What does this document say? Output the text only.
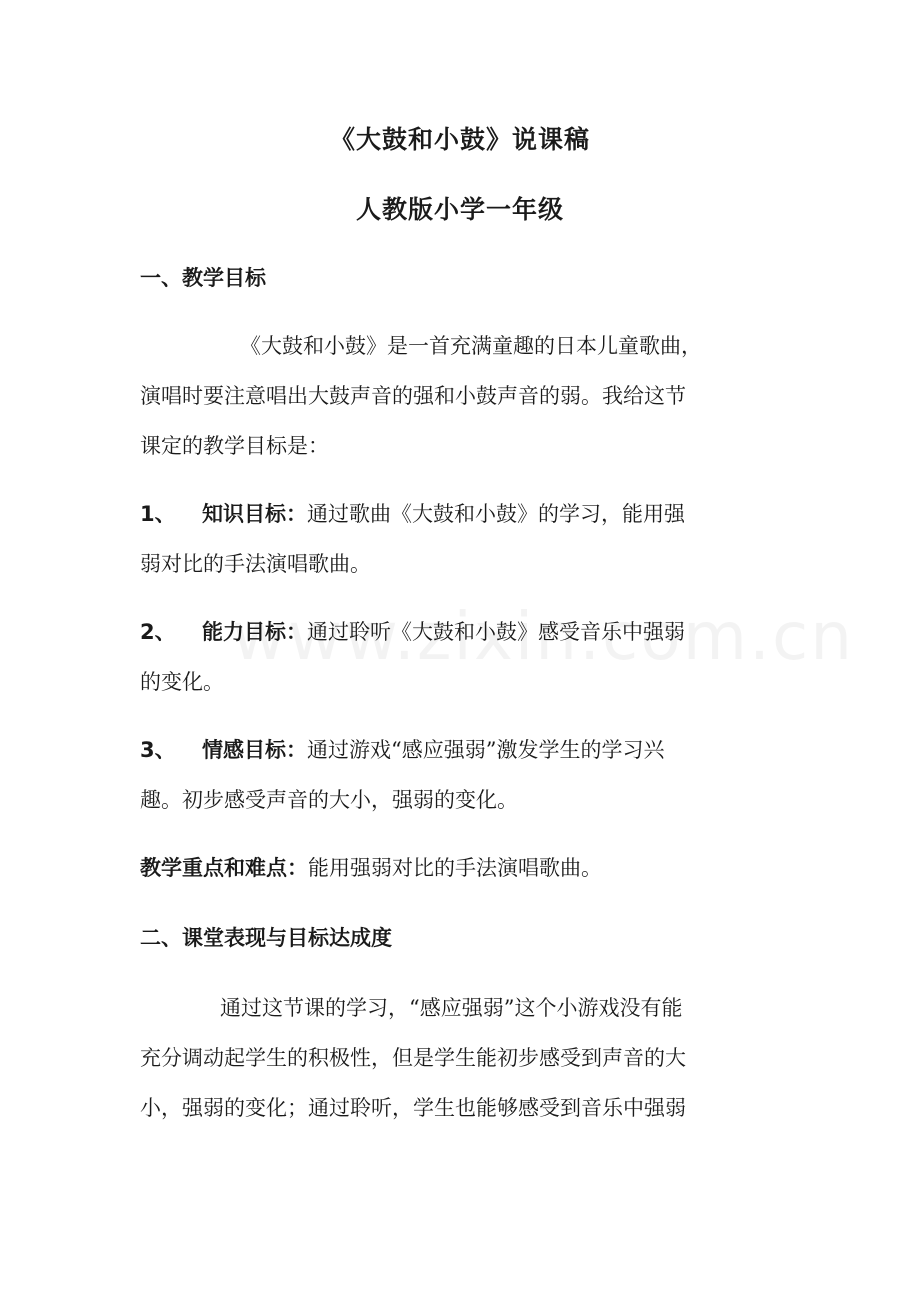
《大鼓和小鼓》说课稿
人教版小学一年级
一、教学目标
《大鼓和小鼓》是一首充满童趣的日本儿童歌曲，
演唱时要注意唱出大鼓声音的强和小鼓声音的弱。我给这节
课定的教学目标是：
1、 知识目标：通过歌曲《大鼓和小鼓》的学习，能用强
弱对比的手法演唱歌曲。
2、 能力目标：通过聆听《大鼓和小鼓》感受音乐中强弱
的变化。
3、 情感目标：通过游戏“感应强弱”激发学生的学习兴
趣。初步感受声音的大小，强弱的变化。
教学重点和难点：能用强弱对比的手法演唱歌曲。
二、课堂表现与目标达成度
通过这节课的学习，“感应强弱”这个小游戏没有能
充分调动起学生的积极性，但是学生能初步感受到声音的大
小，强弱的变化；通过聆听，学生也能够感受到音乐中强弱
